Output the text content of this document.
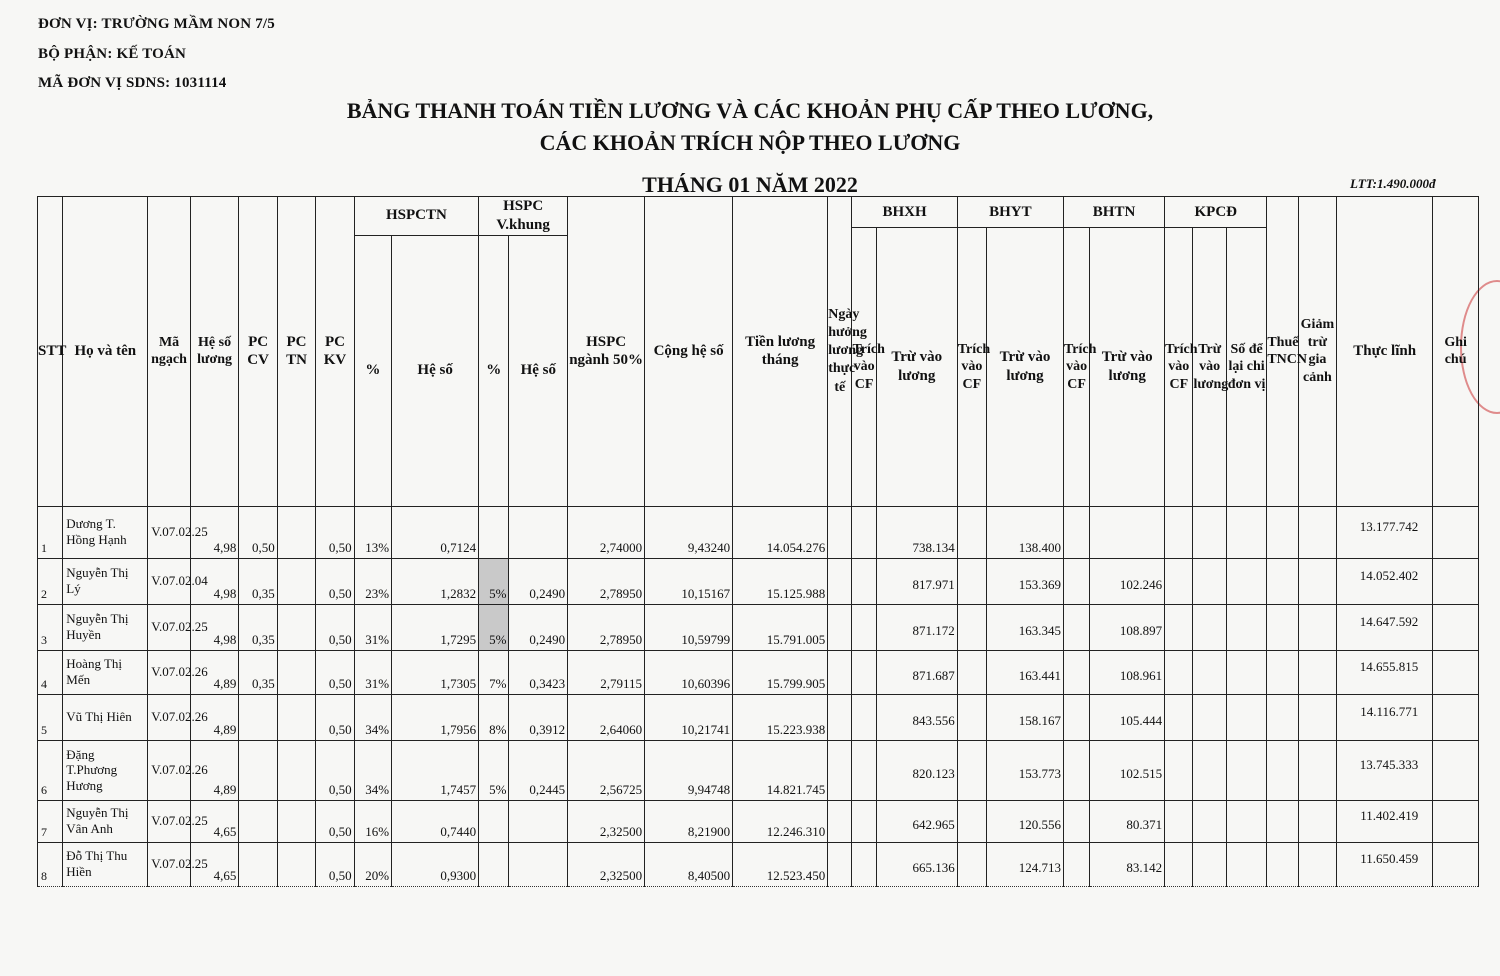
ĐƠN VỊ: TRƯỜNG MẦM NON 7/5
BỘ PHẬN: KẾ TOÁN
MÃ ĐƠN VỊ SDNS: 1031114
BẢNG THANH TOÁN TIỀN LƯƠNG VÀ CÁC KHOẢN PHỤ CẤP THEO LƯƠNG,
CÁC KHOẢN TRÍCH NỘP THEO LƯƠNG
THÁNG 01 NĂM 2022	LTT:1.490.000đ
STT	Họ và tên	Mã ngạch	Hệ số lương	PC CV	PC TN	PC KV	HSPCTN		HSPC V.khung		HSPC ngành 50%	Cộng hệ số	Tiền lương tháng	Ngày hưởng lương thực tế	BHXH		BHYT		BHTN		KPCĐ			Thuế TNCN	Giảm trừ gia cảnh	Thực lĩnh	Ghi chú
															Trích vào CF	Trừ vào lương	Trích vào CF	Trừ vào lương	Trích vào CF	Trừ vào lương	Trích vào CF	Trừ vào lương	Số để lại chi đơn vị				
							%	Hệ số	%	Hệ số																	
1	Dương T. Hồng Hạnh	V.07.02.25	4,98	0,50		0,50	13%	0,7124			2,74000	9,43240	14.054.276			738.134		138.400								13.177.742	
2	Nguyễn Thị Lý	V.07.02.04	4,98	0,35		0,50	23%	1,2832	5%	0,2490	2,78950	10,15167	15.125.988			817.971		153.369		102.246						14.052.402	
3	Nguyễn Thị Huyền	V.07.02.25	4,98	0,35		0,50	31%	1,7295	5%	0,2490	2,78950	10,59799	15.791.005			871.172		163.345		108.897						14.647.592	
4	Hoàng Thị Mến	V.07.02.26	4,89	0,35		0,50	31%	1,7305	7%	0,3423	2,79115	10,60396	15.799.905			871.687		163.441		108.961						14.655.815	
5	Vũ Thị Hiên	V.07.02.26	4,89			0,50	34%	1,7956	8%	0,3912	2,64060	10,21741	15.223.938			843.556		158.167		105.444						14.116.771	
6	Đặng T.Phương Hương	V.07.02.26	4,89			0,50	34%	1,7457	5%	0,2445	2,56725	9,94748	14.821.745			820.123		153.773		102.515						13.745.333	
7	Nguyễn Thị Vân Anh	V.07.02.25	4,65			0,50	16%	0,7440			2,32500	8,21900	12.246.310			642.965		120.556		80.371						11.402.419	
8	Đỗ Thị Thu Hiền	V.07.02.25	4,65			0,50	20%	0,9300			2,32500	8,40500	12.523.450			665.136		124.713		83.142						11.650.459	
